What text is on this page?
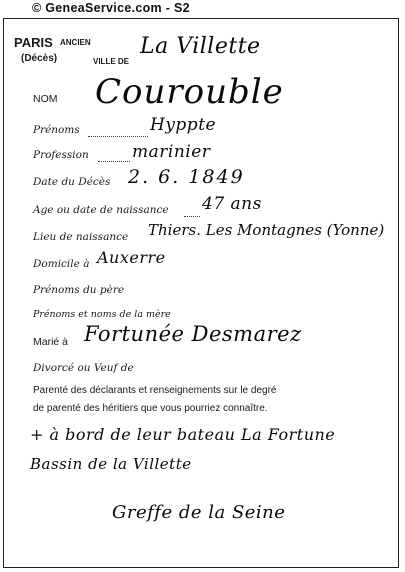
© GeneaService.com - S2
PARIS ANCIEN
(Décès)	VILLE DE
La Villette
NOM Courouble
Prénoms	Hyppte
Profession	marinier
Date du Décès 2. 6. 1849
Age ou date de naissance 47 ans
Lieu de naissance Thiers. Les Montagnes (Yonne)
Domicile à Auxerre
Prénoms du père
Prénoms et noms de la mère
Marié à Fortunée Desmarez
Divorcé ou Veuf de
Parenté des déclarants et renseignements sur le degré
de parenté des héritiers que vous pourriez connaître.
+ à bord de leur bateau La Fortune
Bassin de la Villette
Greffe de la Seine
